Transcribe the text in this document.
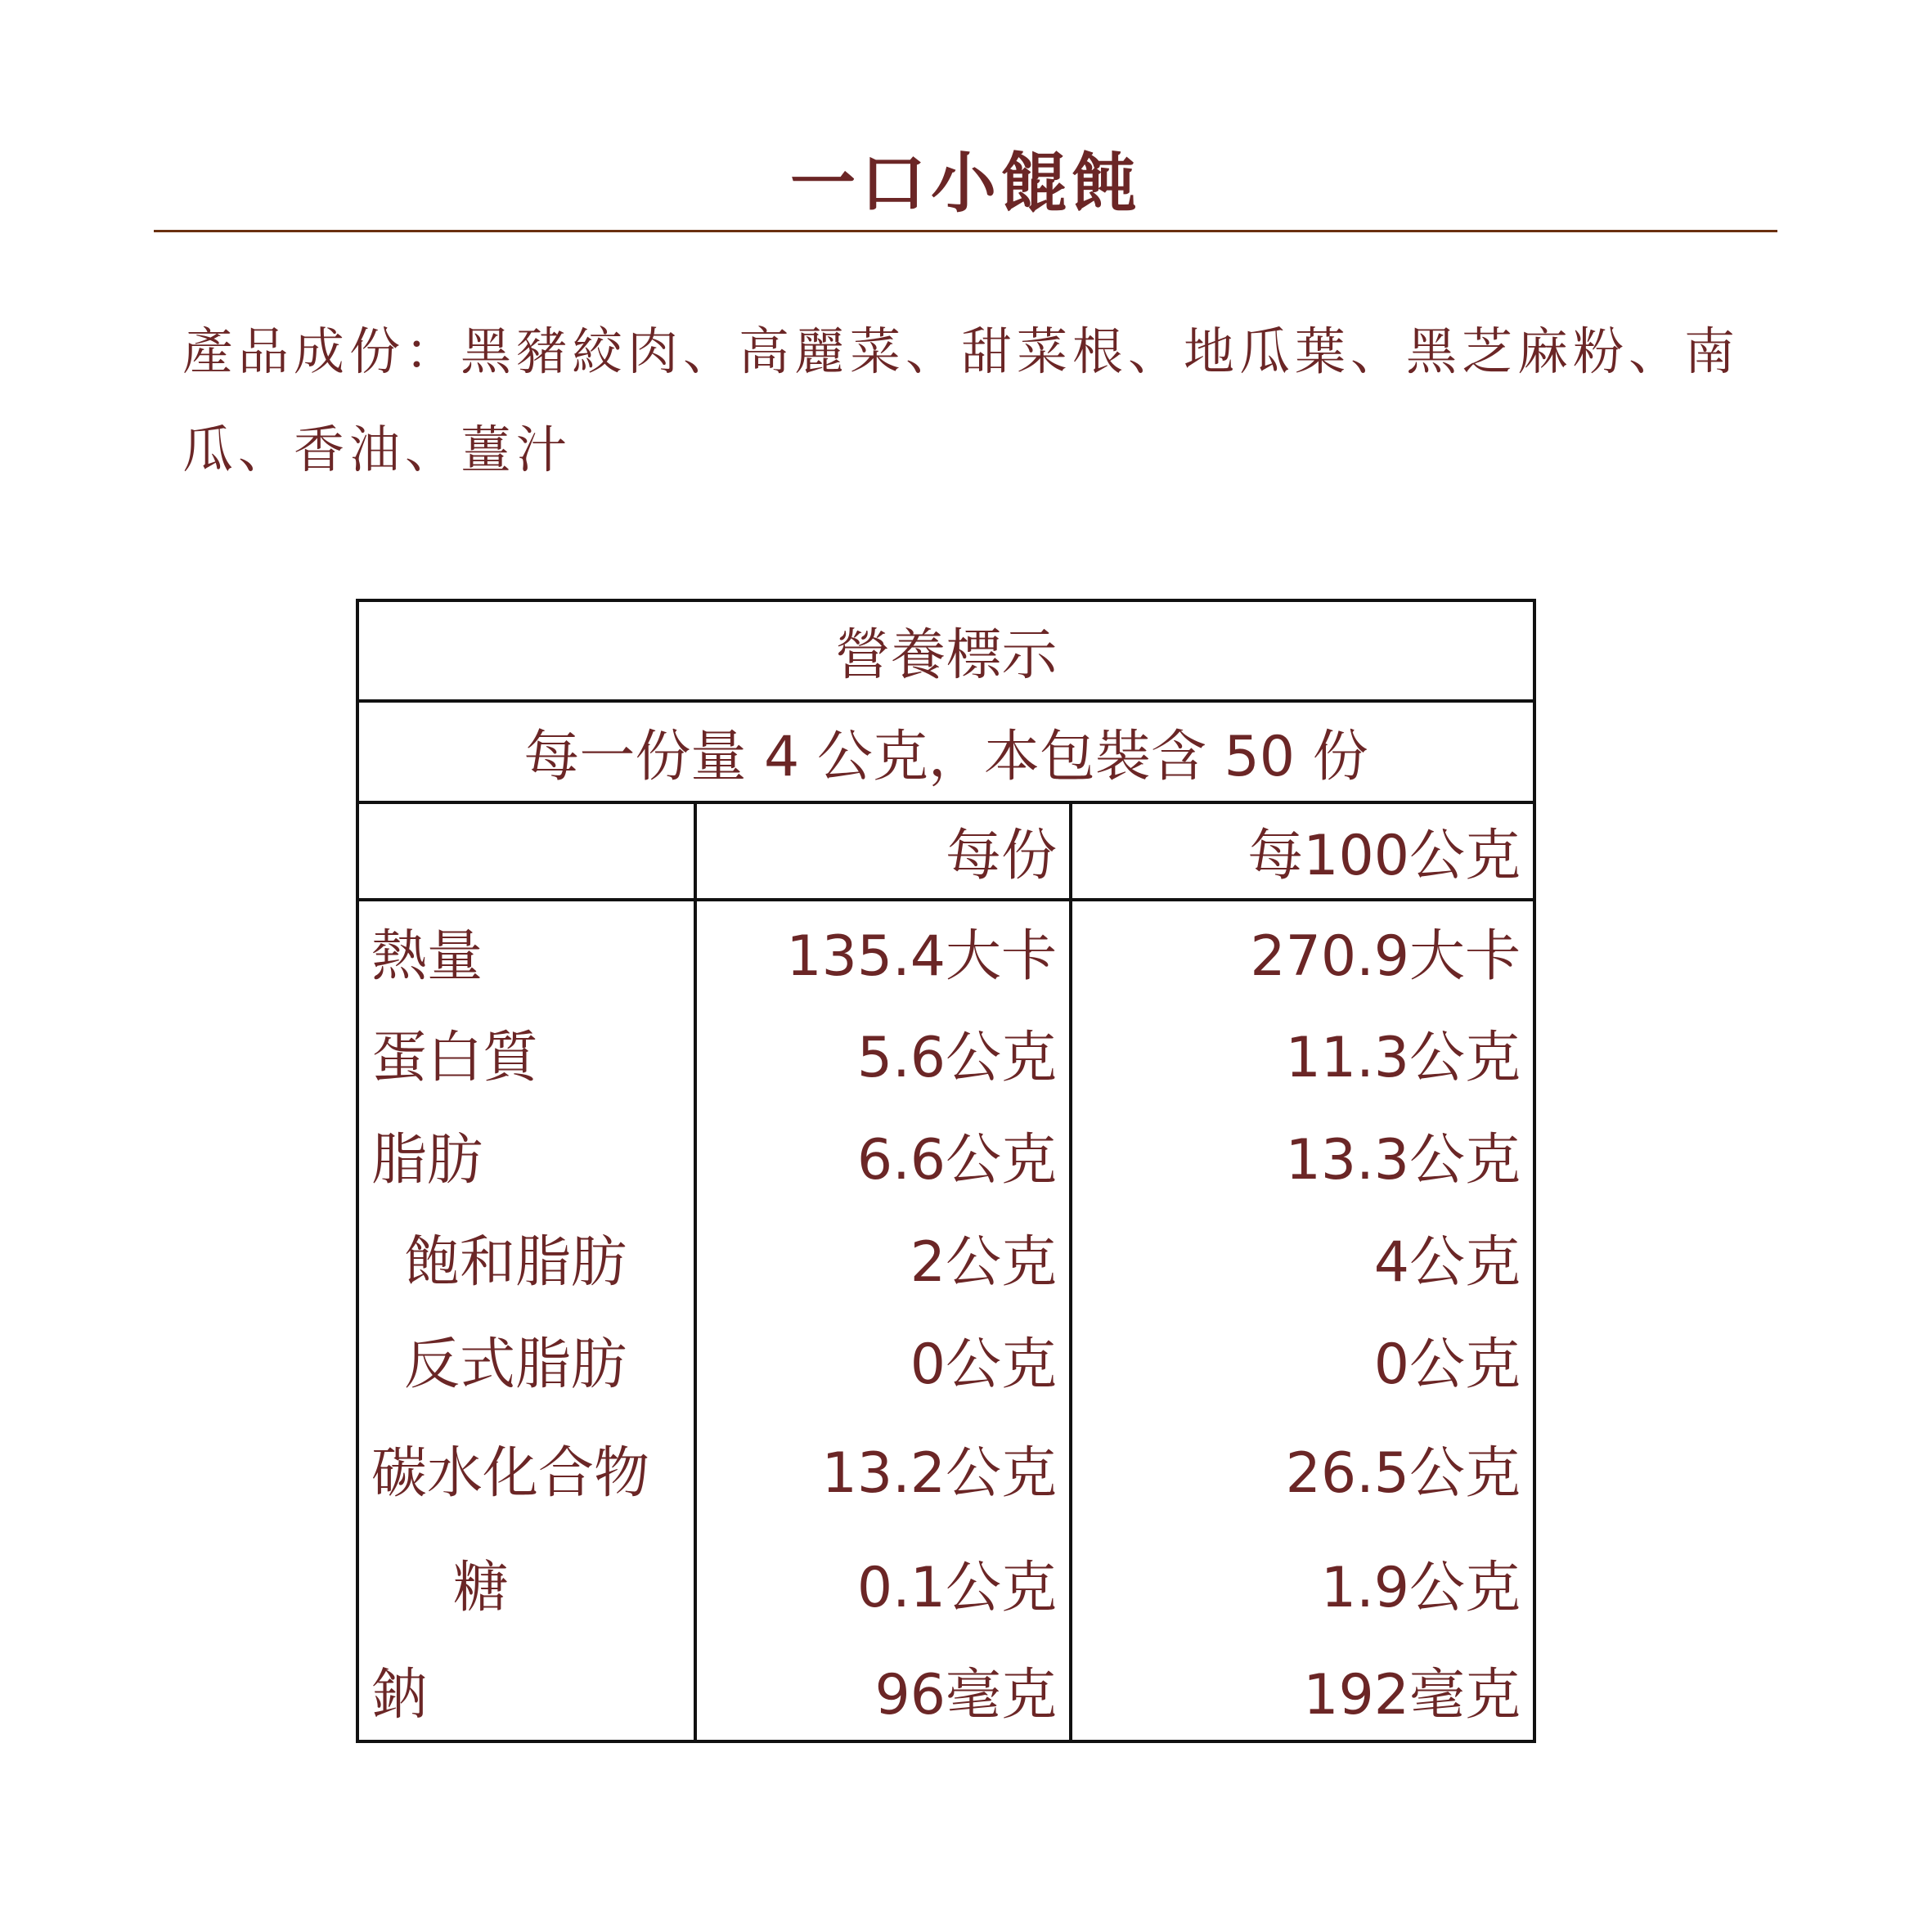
一口小餛飩
產品成份：黑豬絞肉、高麗菜、甜菜根、地瓜葉、黑芝麻粉、南瓜、香油、薑汁
營養標示		
每一份量 4 公克，本包裝含 50 份		
	每份	每100公克
熱量	135.4大卡	270.9大卡
蛋白質	5.6公克	11.3公克
脂肪	6.6公克	13.3公克
飽和脂肪	2公克	4公克
反式脂肪	0公克	0公克
碳水化合物	13.2公克	26.5公克
糖	0.1公克	1.9公克
鈉	96毫克	192毫克
